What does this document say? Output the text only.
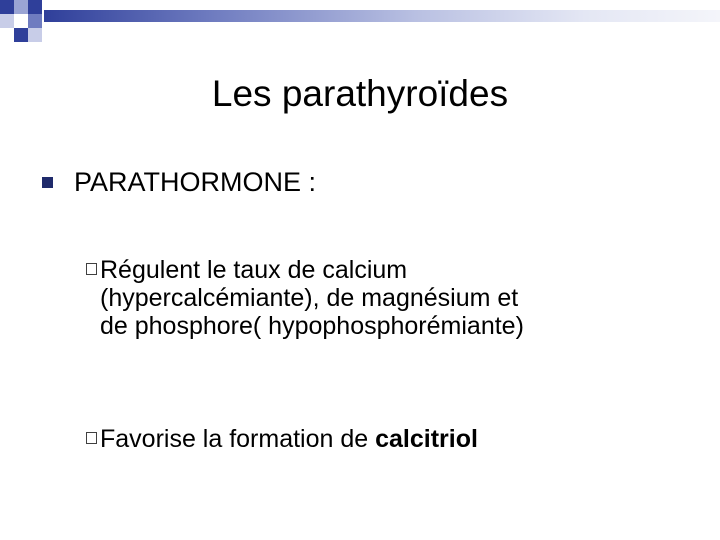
Les parathyroïdes
PARATHORMONE :
Régulent le taux de calcium
(hypercalcémiante), de magnésium et
de phosphore( hypophosphorémiante)
Favorise la formation de calcitriol
